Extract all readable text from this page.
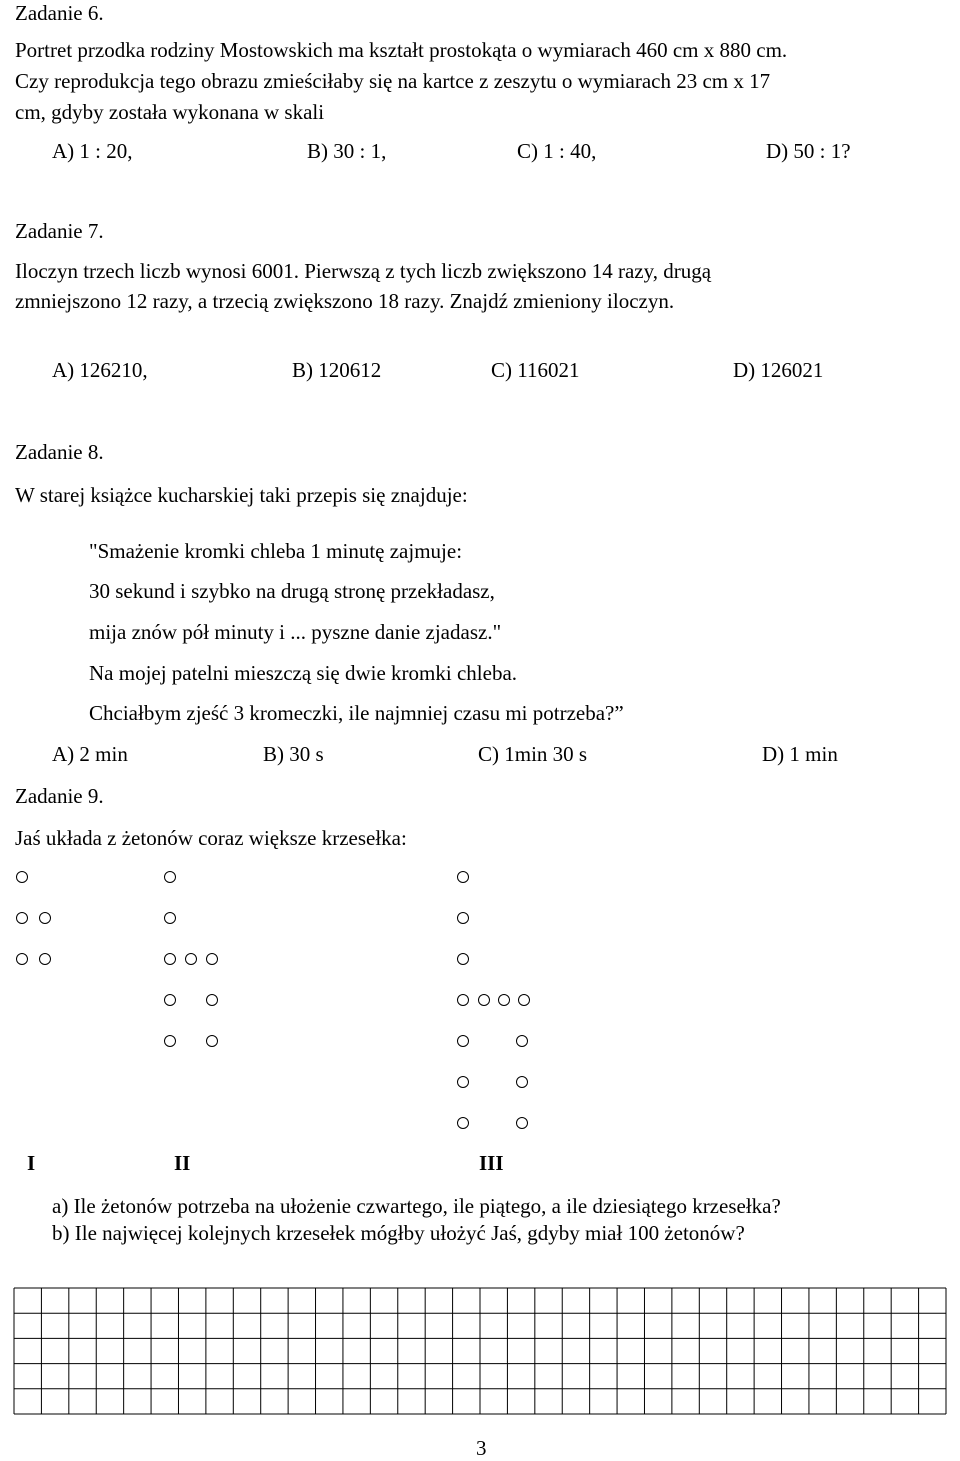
Zadanie 6.
Portret przodka rodziny Mostowskich ma kształt prostokąta o wymiarach 460 cm x 880 cm.
Czy reprodukcja tego obrazu zmieściłaby się na kartce z zeszytu o wymiarach 23 cm x 17
cm, gdyby została wykonana w skali
A) 1 : 20,	B) 30 : 1,	C) 1 : 40,	D) 50 : 1?
Zadanie 7.
Iloczyn trzech liczb wynosi 6001. Pierwszą z tych liczb zwiększono 14 razy, drugą
zmniejszono 12 razy, a trzecią zwiększono 18 razy. Znajdź zmieniony iloczyn.
A) 126210,	B) 120612	C) 116021	D) 126021
Zadanie 8.
W starej książce kucharskiej taki przepis się znajduje:
"Smażenie kromki chleba 1 minutę zajmuje:
30 sekund i szybko na drugą stronę przekładasz,
mija znów pół minuty i ... pyszne danie zjadasz."
Na mojej patelni mieszczą się dwie kromki chleba.
Chciałbym zjeść 3 kromeczki, ile najmniej czasu mi potrzeba?”
A) 2 min	B) 30 s	C) 1min 30 s	D) 1 min
Zadanie 9.
Jaś układa z żetonów coraz większe krzesełka:
I	II	III
a) Ile żetonów potrzeba na ułożenie czwartego, ile piątego, a ile dziesiątego krzesełka?
b) Ile najwięcej kolejnych krzesełek mógłby ułożyć Jaś, gdyby miał 100 żetonów?
3
